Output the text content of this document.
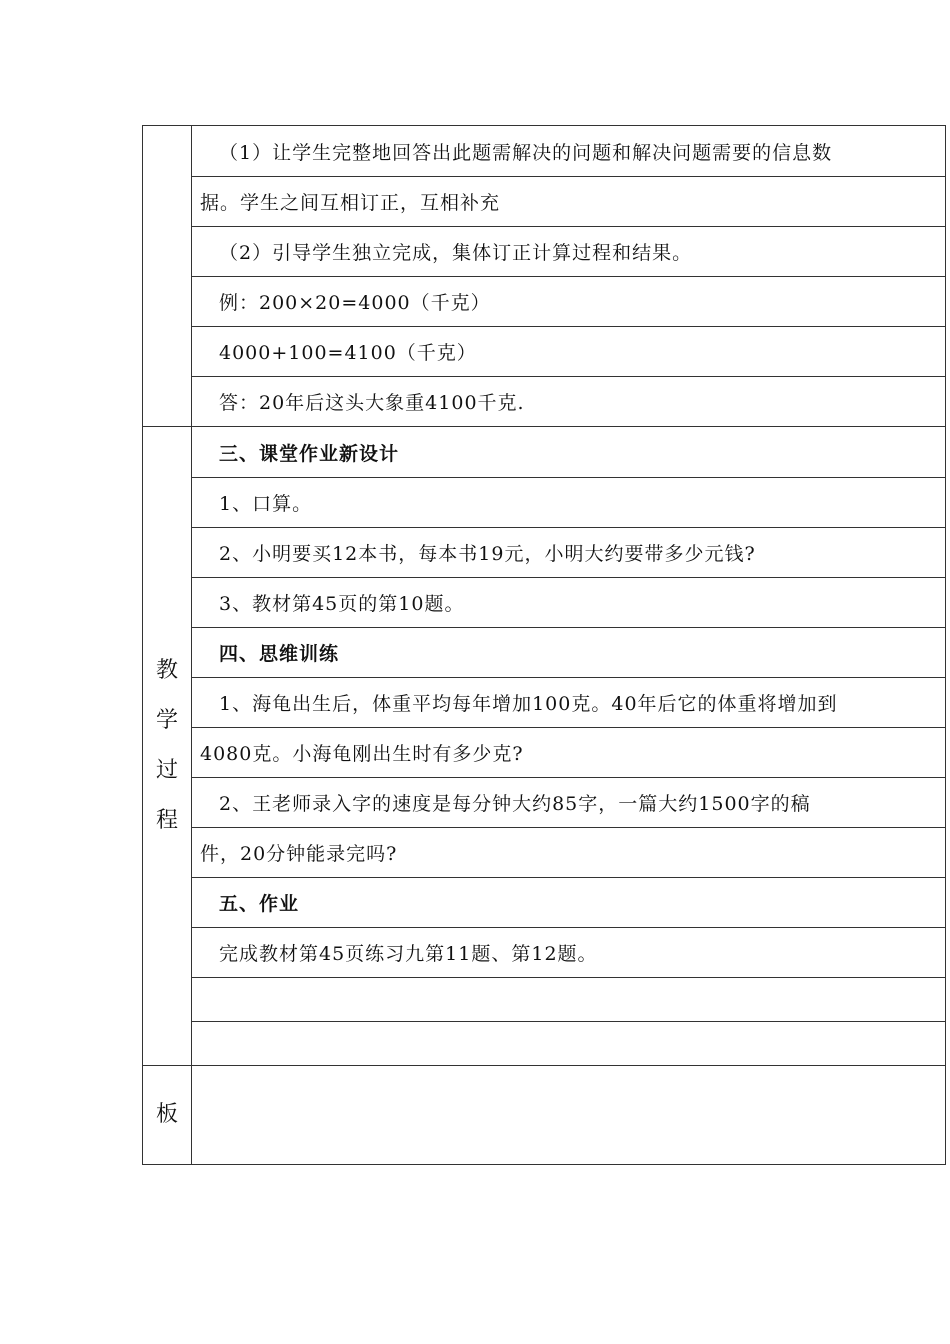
（1）让学生完整地回答出此题需解决的问题和解决问题需要的信息数
据。学生之间互相订正，互相补充
（2）引导学生独立完成，集体订正计算过程和结果。
例：200×20=4000（千克）
4000+100=4100（千克）
答：20年后这头大象重4100千克.
教
学
过
程
三、课堂作业新设计
1、口算。
2、小明要买12本书，每本书19元，小明大约要带多少元钱?
3、教材第45页的第10题。
四、思维训练
1、海龟出生后，体重平均每年增加100克。40年后它的体重将增加到
4080克。小海龟刚出生时有多少克?
2、王老师录入字的速度是每分钟大约85字，一篇大约1500字的稿
件，20分钟能录完吗?
五、作业
完成教材第45页练习九第11题、第12题。
板
